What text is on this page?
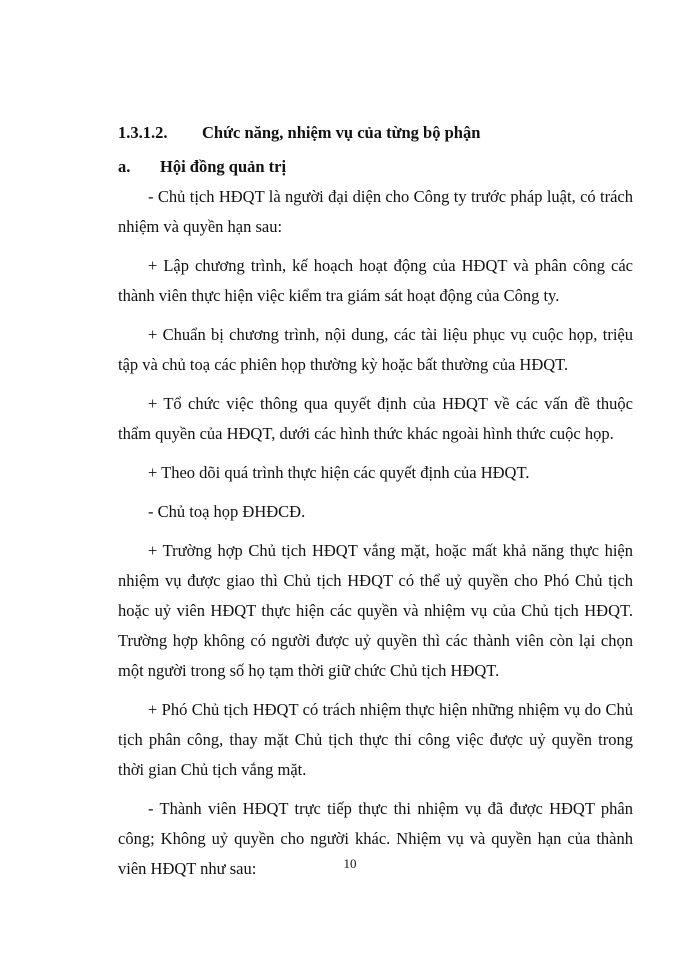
1.3.1.2.	Chức năng, nhiệm vụ của từng bộ phận
a.	Hội đồng quản trị

- Chủ tịch HĐQT là người đại diện cho Công ty trước pháp luật, có trách nhiệm và quyền hạn sau:

+ Lập chương trình, kế hoạch hoạt động của HĐQT và phân công các thành viên thực hiện việc kiểm tra giám sát hoạt động của Công ty.

+ Chuẩn bị chương trình, nội dung, các tài liệu phục vụ cuộc họp, triệu tập và chủ toạ các phiên họp thường kỳ hoặc bất thường của HĐQT.

+ Tổ chức việc thông qua quyết định của HĐQT về các vấn đề thuộc thẩm quyền của HĐQT, dưới các hình thức khác ngoài hình thức cuộc họp.

+ Theo dõi quá trình thực hiện các quyết định của HĐQT.

- Chủ toạ họp ĐHĐCĐ.

+ Trường hợp Chủ tịch HĐQT vắng mặt, hoặc mất khả năng thực hiện nhiệm vụ được giao thì Chủ tịch HĐQT có thể uỷ quyền cho Phó Chủ tịch hoặc uỷ viên HĐQT thực hiện các quyền và nhiệm vụ của Chủ tịch HĐQT. Trường hợp không có người được uỷ quyền thì các thành viên còn lại chọn một người trong số họ tạm thời giữ chức Chủ tịch HĐQT.

+ Phó Chủ tịch HĐQT có trách nhiệm thực hiện những nhiệm vụ do Chủ tịch phân công, thay mặt Chủ tịch thực thi công việc được uỷ quyền trong thời gian Chủ tịch vắng mặt.

- Thành viên HĐQT trực tiếp thực thi nhiệm vụ đã được HĐQT phân công; Không uỷ quyền cho người khác. Nhiệm vụ và quyền hạn của thành viên HĐQT như sau:	10
